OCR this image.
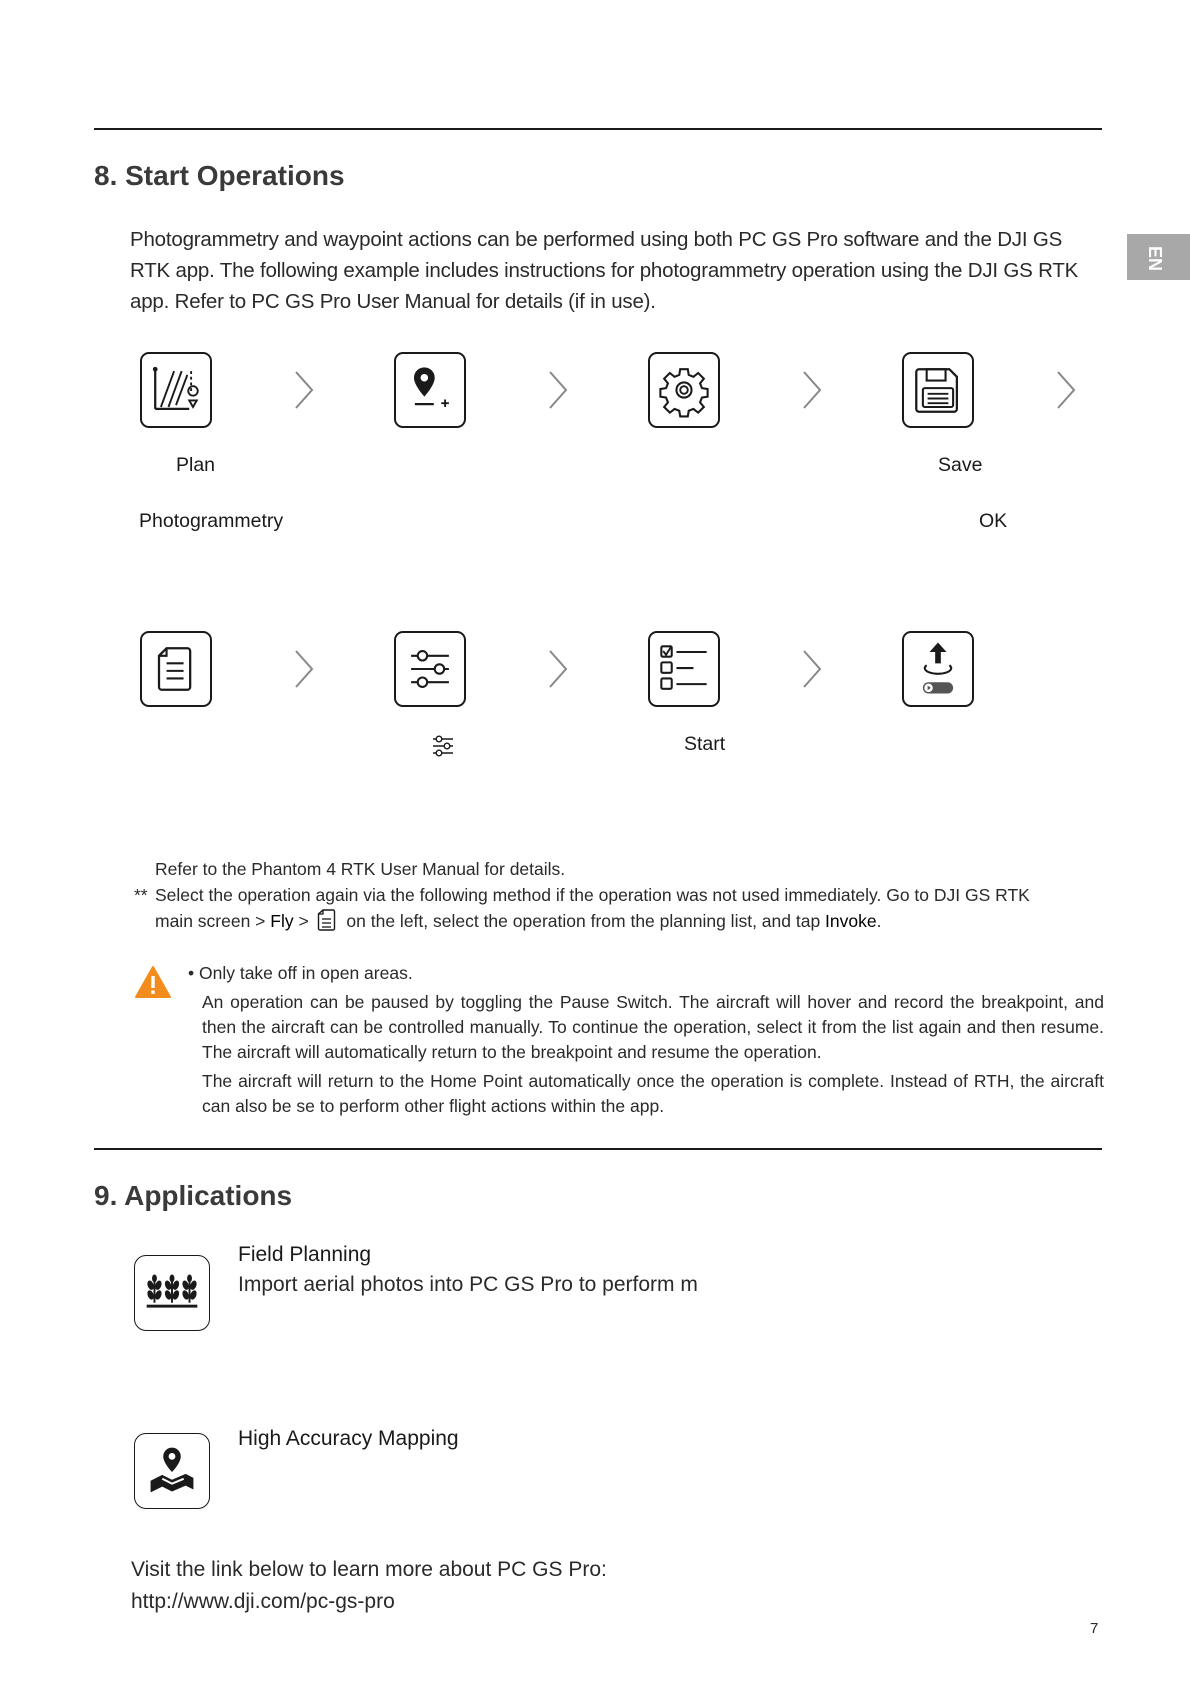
8. Start Operations
EN

Photogrammetry and waypoint actions can be performed using both PC GS Pro software and the DJI GS

RTK app. The following example includes instructions for photogrammetry operation using the DJI GS RTK

app. Refer to PC GS Pro User Manual for details (if in use).

Plan	Save
Photogrammetry	OK
Start
Refer to the Phantom 4 RTK User Manual for details.
** Select the operation again via the following method if the operation was not used immediately. Go to DJI GS RTK
main screen > Fly >  on the left, select the operation from the planning list, and tap Invoke.

• Only take off in open areas.

An operation can be paused by toggling the Pause Switch. The aircraft will hover and record the breakpoint, and then the aircraft can be controlled manually. To continue the operation, select it from the list again and then resume. The aircraft will automatically return to the breakpoint and resume the operation.

The aircraft will return to the Home Point automatically once the operation is complete. Instead of RTH, the aircraft can also be se to perform other flight actions within the app.

9. Applications
Field Planning
Import aerial photos into PC GS Pro to perform m
High Accuracy Mapping

Visit the link below to learn more about PC GS Pro:

http://www.dji.com/pc-gs-pro

7
